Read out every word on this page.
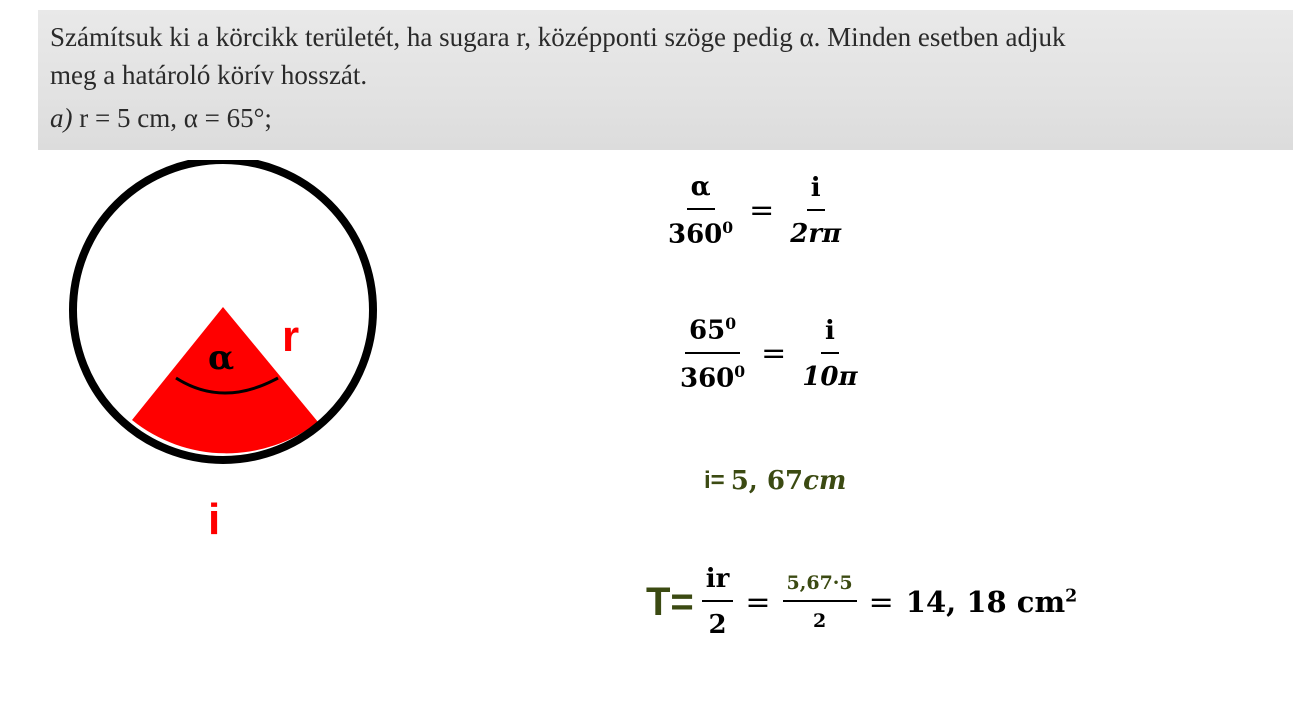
Számítsuk ki a körcikk területét, ha sugara r, középponti szöge pedig α. Minden esetben adjuk
meg a határoló körív hosszát.
a) r = 5 cm, α = 65°;
α r
i
$\frac{\alpha}{360^0} = \frac{i}{2r\pi}$
$\frac{65^0}{360^0} = \frac{i}{10\pi}$
i= 5, 67 cm
$T= \frac{ir}{2} = \frac{5,67\cdot 5}{2} = 14$, 18 $cm^2$
